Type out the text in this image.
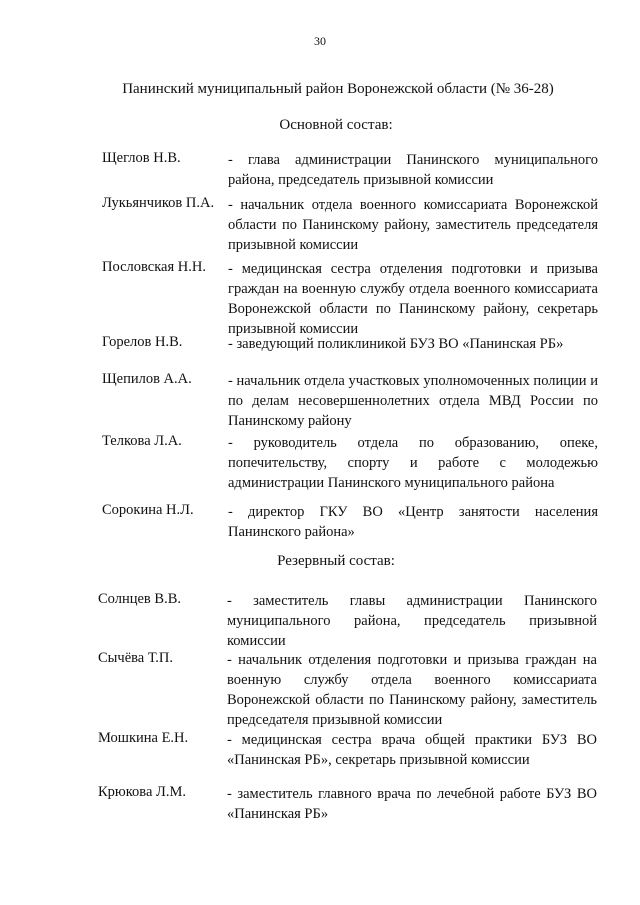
30
Панинский муниципальный район Воронежской области (№ 36-28)
Основной состав:
Щеглов Н.В.	- глава администрации Панинского муниципального района, председатель призывной комиссии
Лукьянчиков П.А. - начальник отдела военного комиссариата Воронежской области по Панинскому району, заместитель председателя призывной комиссии
Пословская Н.Н. - медицинская сестра отделения подготовки и призыва граждан на военную службу отдела военного комиссариата Воронежской области по Панинскому району, секретарь призывной комиссии
Горелов Н.В.	- заведующий поликлиникой БУЗ ВО «Панинская РБ»
Щепилов А.А.	- начальник отдела участковых уполномоченных полиции и по делам несовершеннолетних отдела МВД России по Панинскому району
Телкова Л.А.	- руководитель отдела по образованию, опеке, попечительству, спорту и работе с молодежью администрации Панинского муниципального района
Сорокина Н.Л. - директор ГКУ ВО «Центр занятости населения Панинского района»
Резервный состав:
Солнцев В.В.	- заместитель главы администрации Панинского муниципального района, председатель призывной комиссии
Сычёва Т.П.	- начальник отделения подготовки и призыва граждан на военную службу отдела военного комиссариата Воронежской области по Панинскому району, заместитель председателя призывной комиссии
Мошкина Е.Н.	- медицинская сестра врача общей практики БУЗ ВО «Панинская РБ», секретарь призывной комиссии
Крюкова Л.М.	- заместитель главного врача по лечебной работе БУЗ ВО «Панинская РБ»
